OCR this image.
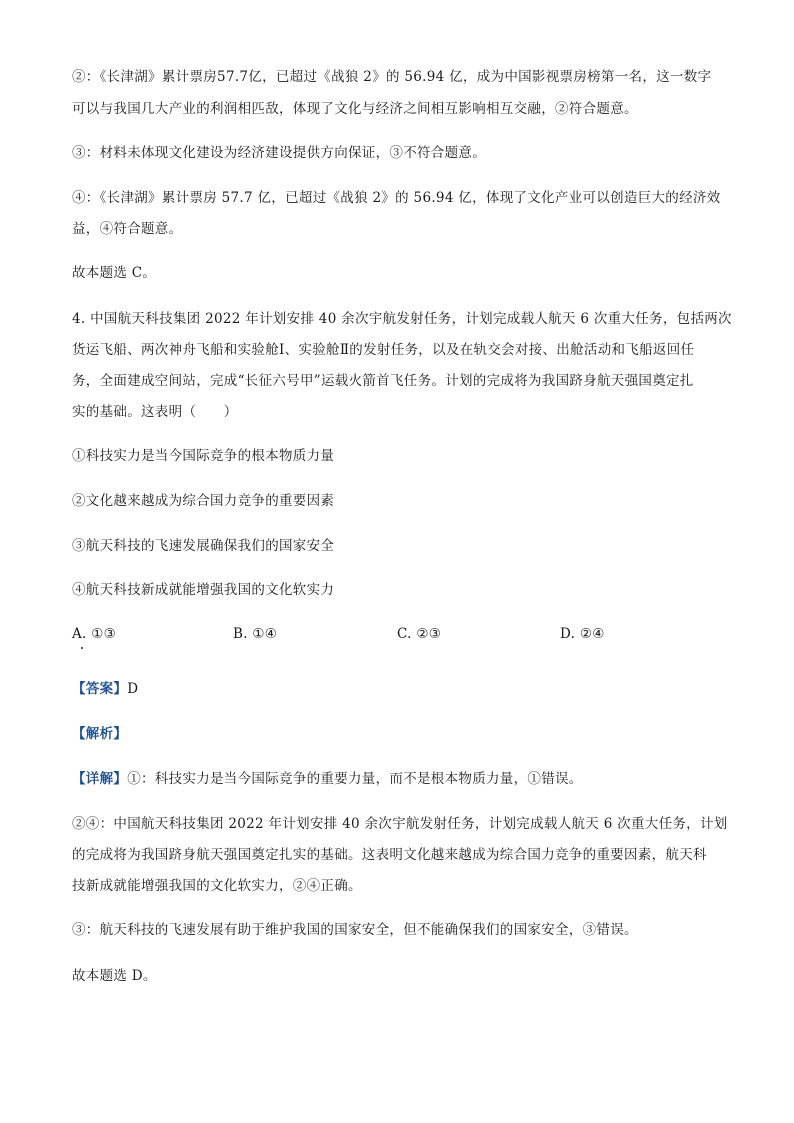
②：《长津湖》累计票房57.7亿，已超过《战狼 2》的 56.94 亿，成为中国影视票房榜第一名，这一数字
可以与我国几大产业的利润相匹敌，体现了文化与经济之间相互影响相互交融，②符合题意。
③：材料未体现文化建设为经济建设提供方向保证，③不符合题意。
④：《长津湖》累计票房 57.7 亿，已超过《战狼 2》的 56.94 亿，体现了文化产业可以创造巨大的经济效
益，④符合题意。
故本题选 C。
4. 中国航天科技集团 2022 年计划安排 40 余次宇航发射任务，计划完成载人航天 6 次重大任务，包括两次
货运飞船、两次神舟飞船和实验舱Ⅰ、实验舱Ⅱ的发射任务，以及在轨交会对接、出舱活动和飞船返回任
务，全面建成空间站，完成“长征六号甲”运载火箭首飞任务。计划的完成将为我国跻身航天强国奠定扎
实的基础。这表明（　　）
①科技实力是当今国际竞争的根本物质力量
②文化越来越成为综合国力竞争的重要因素
③航天科技的飞速发展确保我们的国家安全
④航天科技新成就能增强我国的文化软实力
A. ①③	B. ①④	C. ②③	D. ②④
【答案】D
【解析】
【详解】①：科技实力是当今国际竞争的重要力量，而不是根本物质力量，①错误。
②④：中国航天科技集团 2022 年计划安排 40 余次宇航发射任务，计划完成载人航天 6 次重大任务，计划
的完成将为我国跻身航天强国奠定扎实的基础。这表明文化越来越成为综合国力竞争的重要因素，航天科
技新成就能增强我国的文化软实力，②④正确。
③：航天科技的飞速发展有助于维护我国的国家安全，但不能确保我们的国家安全，③错误。
故本题选 D。
